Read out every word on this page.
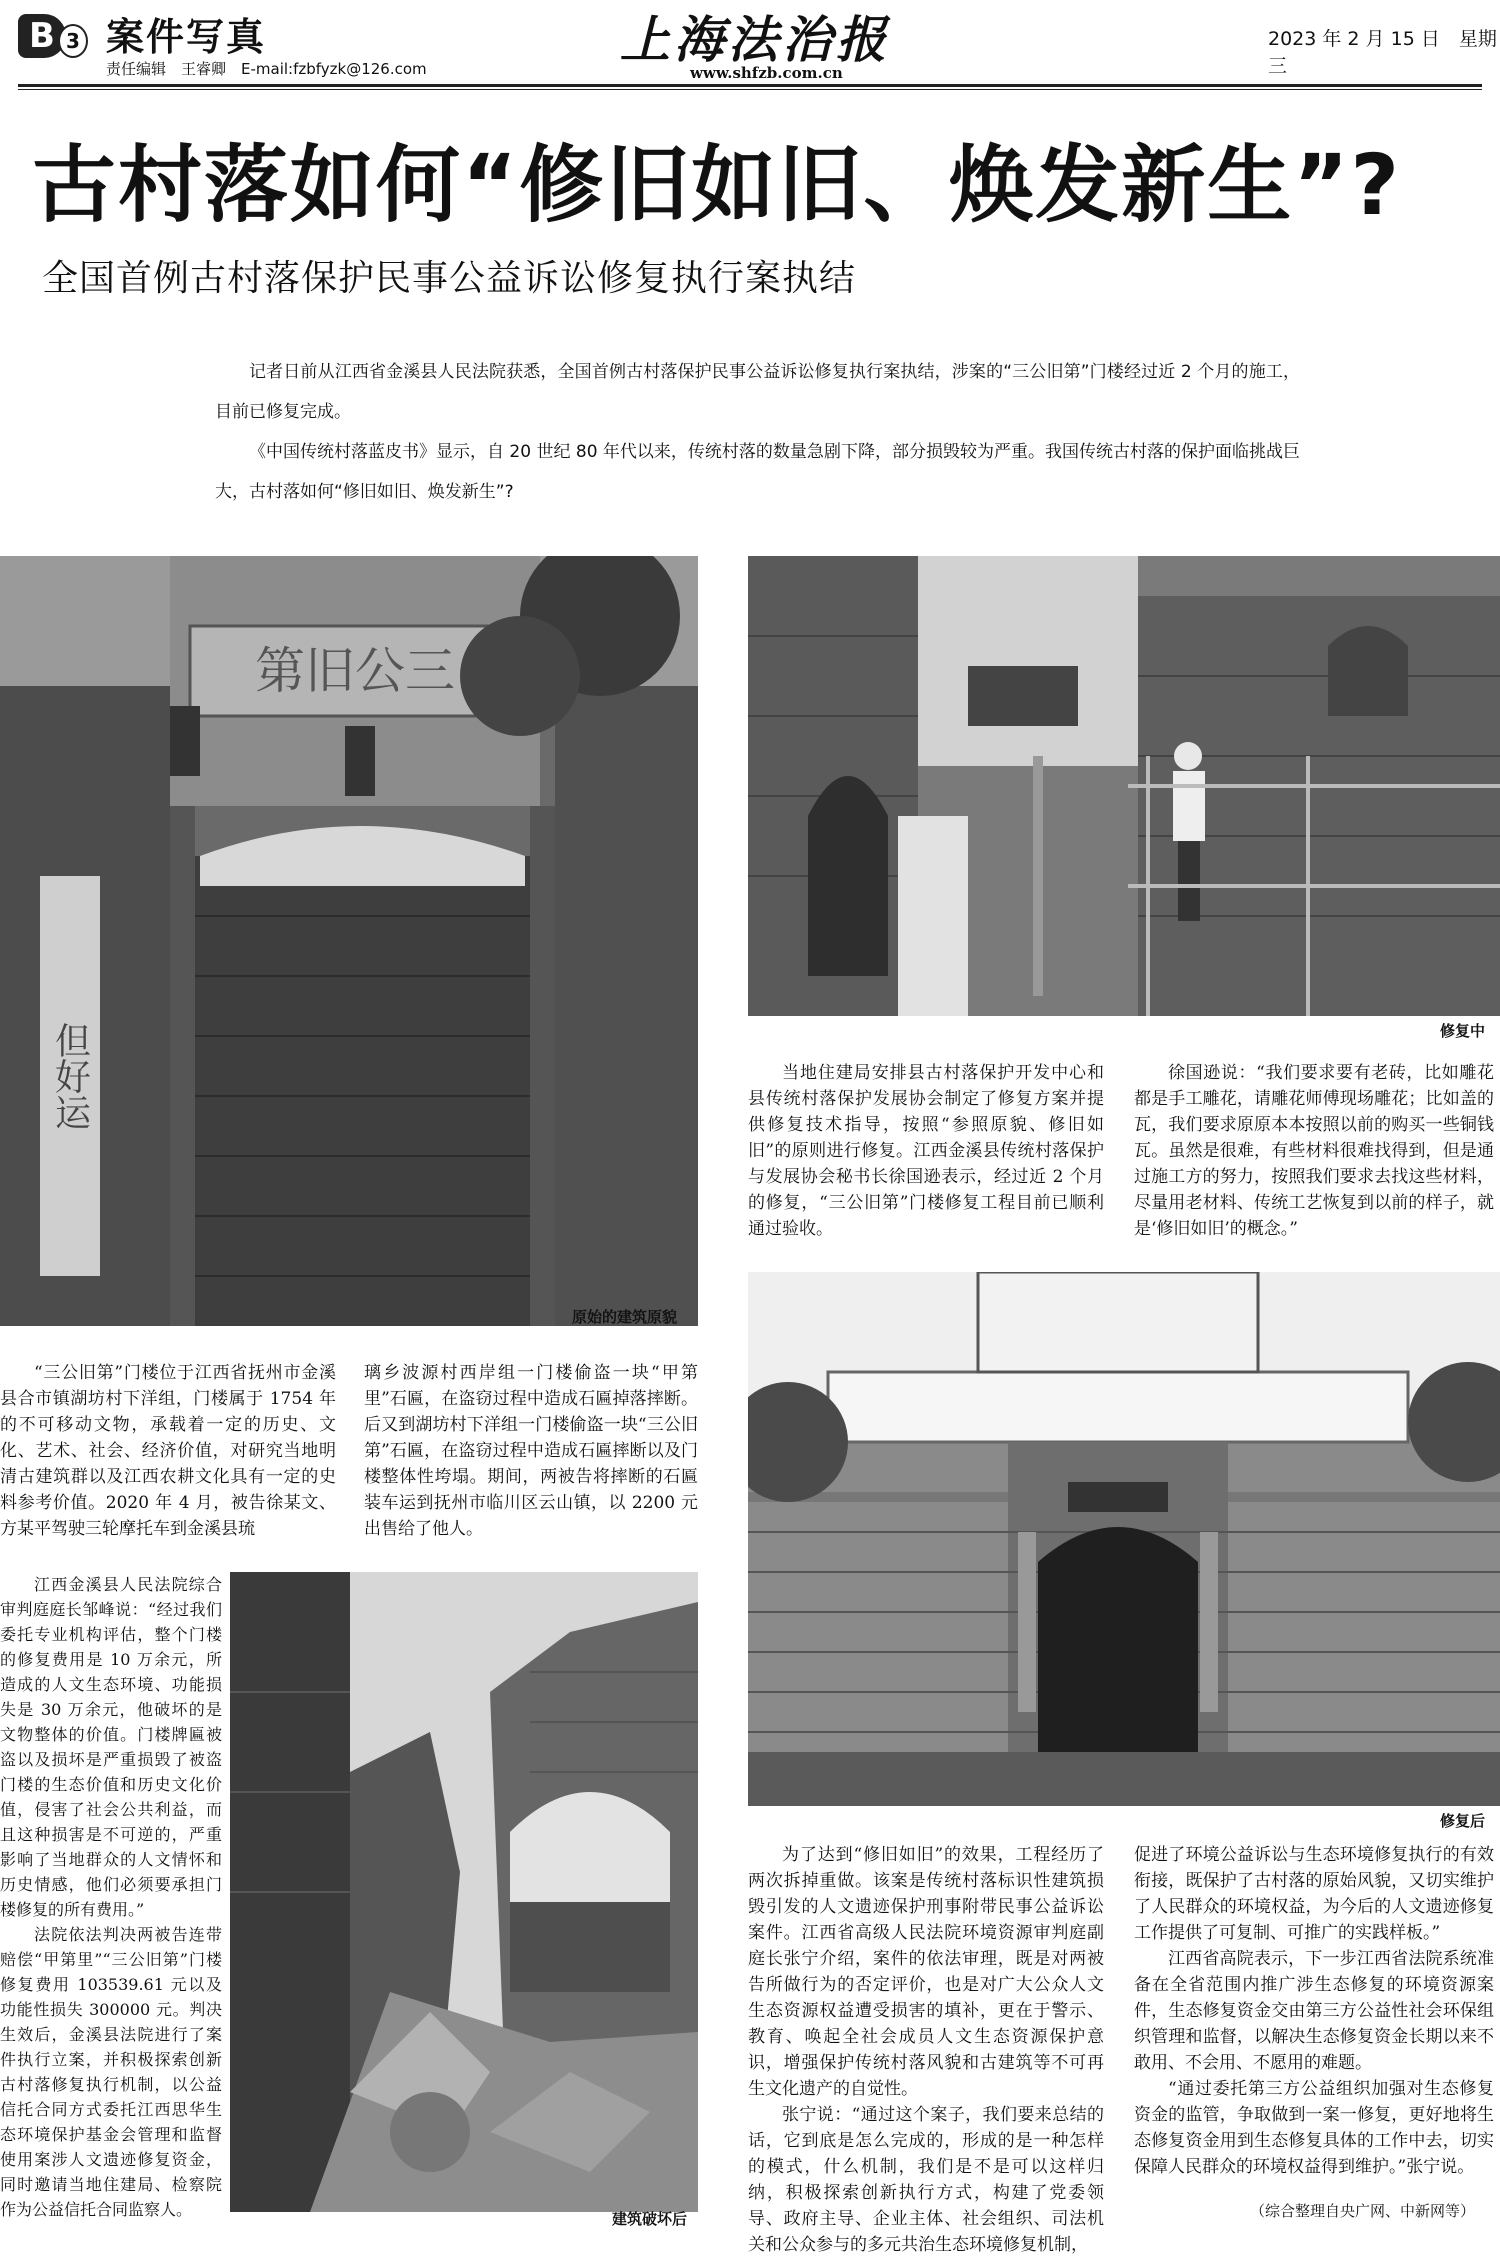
B 3 案件写真
责任编辑　王睿卿　E-mail:fzbfyzk@126.com	上海法治报
www.shfzb.com.cn
2023 年 2 月 15 日　星期三
古村落如何“修旧如旧、焕发新生”?
全国首例古村落保护民事公益诉讼修复执行案执结

记者日前从江西省金溪县人民法院获悉，全国首例古村落保护民事公益诉讼修复执行案执结，涉案的“三公旧第”门楼经过近 2 个月的施工，目前已修复完成。

《中国传统村落蓝皮书》显示，自 20 世纪 80 年代以来，传统村落的数量急剧下降，部分损毁较为严重。我国传统古村落的保护面临挑战巨大，古村落如何“修旧如旧、焕发新生”?

第旧公三
但好运
原始的建筑原貌
修复中

当地住建局安排县古村落保护开发中心和县传统村落保护发展协会制定了修复方案并提供修复技术指导，按照“参照原貌、修旧如旧”的原则进行修复。江西金溪县传统村落保护与发展协会秘书长徐国逊表示，经过近 2 个月的修复，“三公旧第”门楼修复工程目前已顺利通过验收。

徐国逊说：“我们要求要有老砖，比如雕花都是手工雕花，请雕花师傅现场雕花；比如盖的瓦，我们要求原原本本按照以前的购买一些铜钱瓦。虽然是很难，有些材料很难找得到，但是通过施工方的努力，按照我们要求去找这些材料，尽量用老材料、传统工艺恢复到以前的样子，就是‘修旧如旧’的概念。”

修复后

“三公旧第”门楼位于江西省抚州市金溪县合市镇湖坊村下洋组，门楼属于 1754 年的不可移动文物，承载着一定的历史、文化、艺术、社会、经济价值，对研究当地明清古建筑群以及江西农耕文化具有一定的史料参考价值。2020 年 4 月，被告徐某文、方某平驾驶三轮摩托车到金溪县琉

璃乡波源村西岸组一门楼偷盗一块“甲第里”石匾，在盗窃过程中造成石匾掉落摔断。后又到湖坊村下洋组一门楼偷盗一块“三公旧第”石匾，在盗窃过程中造成石匾摔断以及门楼整体性垮塌。期间，两被告将摔断的石匾装车运到抚州市临川区云山镇，以 2200 元出售给了他人。

江西金溪县人民法院综合审判庭庭长邹峰说：“经过我们委托专业机构评估，整个门楼的修复费用是 10 万余元，所造成的人文生态环境、功能损失是 30 万余元，他破坏的是文物整体的价值。门楼牌匾被盗以及损坏是严重损毁了被盗门楼的生态价值和历史文化价值，侵害了社会公共利益，而且这种损害是不可逆的，严重影响了当地群众的人文情怀和历史情感，他们必须要承担门楼修复的所有费用。”

法院依法判决两被告连带赔偿“甲第里”“三公旧第”门楼修复费用 103539.61 元以及功能性损失 300000 元。判决生效后，金溪县法院进行了案件执行立案，并积极探索创新古村落修复执行机制，以公益信托合同方式委托江西思华生态环境保护基金会管理和监督使用案涉人文遗迹修复资金，同时邀请当地住建局、检察院作为公益信托合同监察人。	建筑破坏后

为了达到“修旧如旧”的效果，工程经历了两次拆掉重做。该案是传统村落标识性建筑损毁引发的人文遗迹保护刑事附带民事公益诉讼案件。江西省高级人民法院环境资源审判庭副庭长张宁介绍，案件的依法审理，既是对两被告所做行为的否定评价，也是对广大公众人文生态资源权益遭受损害的填补，更在于警示、教育、唤起全社会成员人文生态资源保护意识，增强保护传统村落风貌和古建筑等不可再生文化遗产的自觉性。

张宁说：“通过这个案子，我们要来总结的话，它到底是怎么完成的，形成的是一种怎样的模式，什么机制，我们是不是可以这样归纳，积极探索创新执行方式，构建了党委领导、政府主导、企业主体、社会组织、司法机关和公众参与的多元共治生态环境修复机制，

促进了环境公益诉讼与生态环境修复执行的有效衔接，既保护了古村落的原始风貌，又切实维护了人民群众的环境权益，为今后的人文遗迹修复工作提供了可复制、可推广的实践样板。”

江西省高院表示，下一步江西省法院系统准备在全省范围内推广涉生态修复的环境资源案件，生态修复资金交由第三方公益性社会环保组织管理和监督，以解决生态修复资金长期以来不敢用、不会用、不愿用的难题。

“通过委托第三方公益组织加强对生态修复资金的监管，争取做到一案一修复，更好地将生态修复资金用到生态修复具体的工作中去，切实保障人民群众的环境权益得到维护。”张宁说。

（综合整理自央广网、中新网等）
